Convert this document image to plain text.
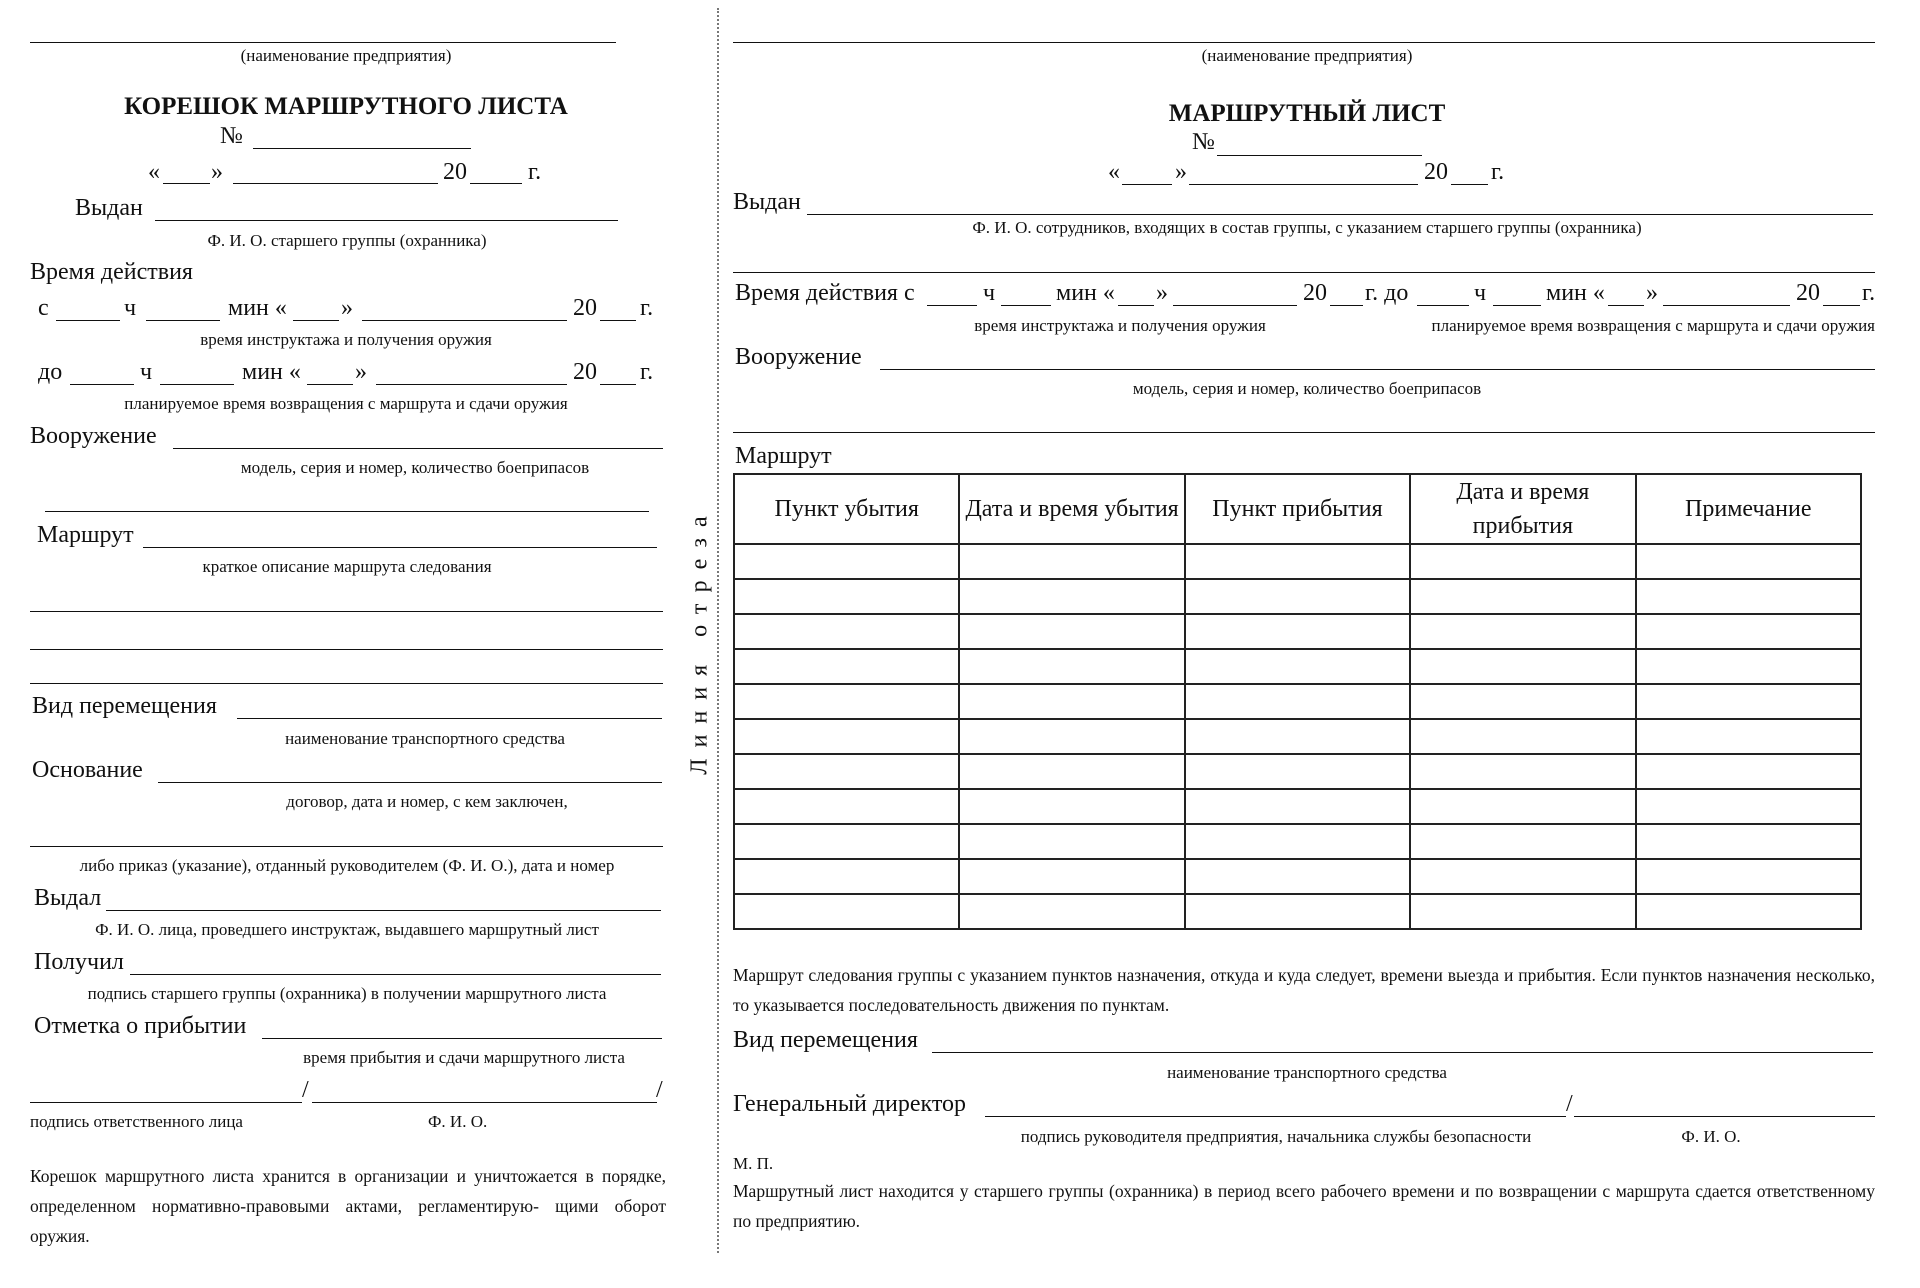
(наименование предприятия)
КОРЕШОК МАРШРУТНОГО ЛИСТА
№
« »	20	г.
Выдан
Ф. И. О. старшего группы (охранника)
Время действия
с	ч	мин « »	20 г.
время инструктажа и получения оружия
до	ч	мин « »	20 г.
планируемое время возвращения с маршрута и сдачи оружия
Вооружение
модель, серия и номер, количество боеприпасов
Маршрут
краткое описание маршрута следования
Вид перемещения
наименование транспортного средства
Основание
договор, дата и номер, с кем заключен,
либо приказ (указание), отданный руководителем (Ф. И. О.), дата и номер
Выдал
Ф. И. О. лица, проведшего инструктаж, выдавшего маршрутный лист
Получил
подпись старшего группы (охранника) в получении маршрутного листа
Отметка о прибытии
время прибытия и сдачи маршрутного листа
/	/
подпись ответственного лица	Ф. И. О.
Корешок маршрутного листа хранится в организации и уничтожается в порядке, определенном нормативно-правовыми актами, регламентирую- щими оборот оружия.
Линия отреза
(наименование предприятия)
МАРШРУТНЫЙ ЛИСТ
№
« »	20 г.
Выдан
Ф. И. О. сотрудников, входящих в состав группы, с указанием старшего группы (охранника)
Время действия с	ч	мин « »	20 г. до	ч мин « »	20 г.
время инструктажа и получения оружия	планируемое время возвращения с маршрута и сдачи оружия
Вооружение
модель, серия и номер, количество боеприпасов
Маршрут
Пункт убытия	Дата и время убытия	Пункт прибытия	Дата и время прибытия	Примечание

Маршрут следования группы с указанием пунктов назначения, откуда и куда следует, времени выезда и прибытия. Если пунктов назначения несколько, то указывается последовательность движения по пунктам.
Вид перемещения
наименование транспортного средства
Генеральный директор	/
подпись руководителя предприятия, начальника службы безопасности	Ф. И. О.
М. П.
Маршрутный лист находится у старшего группы (охранника) в период всего рабочего времени и по возвращении с маршрута сдается ответственному по предприятию.
